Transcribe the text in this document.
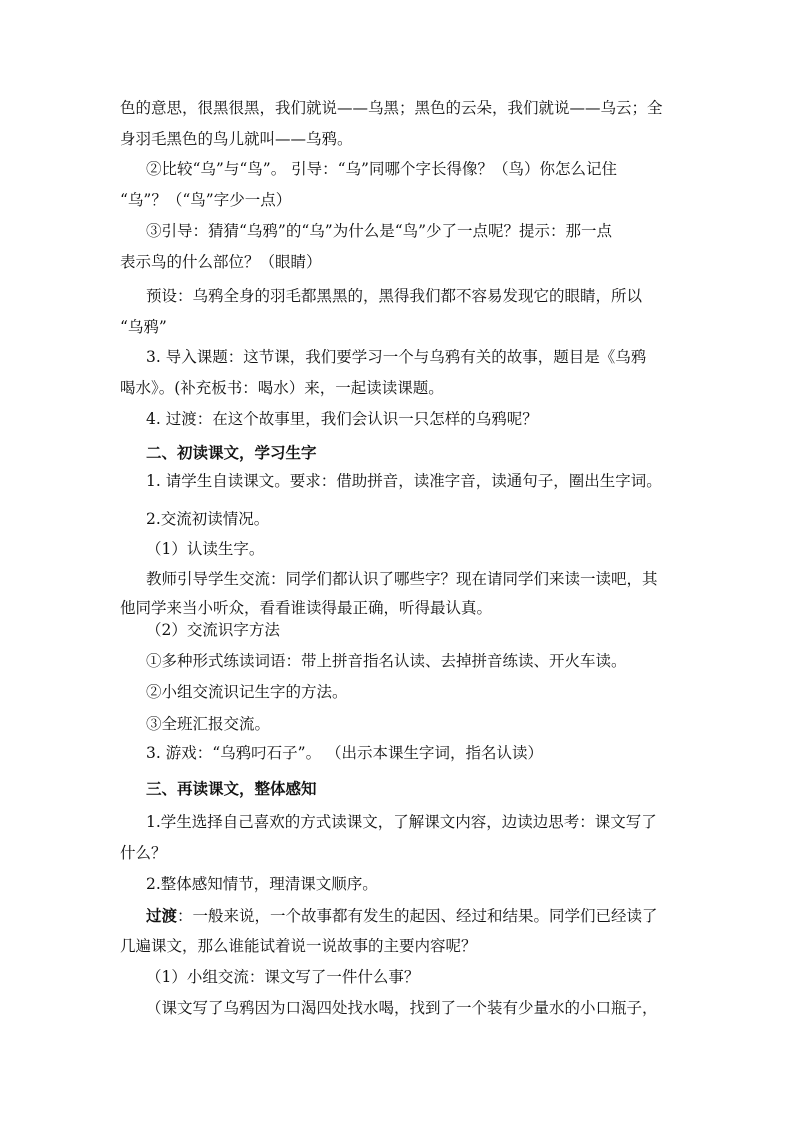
色的意思，很黑很黑，我们就说——乌黑；黑色的云朵，我们就说——乌云；全
身羽毛黑色的鸟儿就叫——乌鸦。
②比较“乌”与“鸟”。 引导：“乌”同哪个字长得像？（鸟）你怎么记住
“乌”？（“鸟”字少一点）
③引导：猜猜“乌鸦”的“乌”为什么是“鸟”少了一点呢？提示：那一点
表示鸟的什么部位？（眼睛）
预设：乌鸦全身的羽毛都黑黑的，黑得我们都不容易发现它的眼睛，所以
“乌鸦”
3. 导入课题：这节课，我们要学习一个与乌鸦有关的故事，题目是《乌鸦
喝水》。(补充板书：喝水）来，一起读读课题。
4. 过渡：在这个故事里，我们会认识一只怎样的乌鸦呢？
二、初读课文，学习生字
1. 请学生自读课文。要求：借助拼音，读准字音，读通句子，圈出生字词。
2.交流初读情况。
（1）认读生字。
教师引导学生交流：同学们都认识了哪些字？现在请同学们来读一读吧，其
他同学来当小听众，看看谁读得最正确，听得最认真。
（2）交流识字方法
①多种形式练读词语：带上拼音指名认读、去掉拼音练读、开火车读。
②小组交流识记生字的方法。
③全班汇报交流。
3. 游戏：“乌鸦叼石子”。 （出示本课生字词，指名认读）
三、再读课文，整体感知
1.学生选择自己喜欢的方式读课文，了解课文内容，边读边思考：课文写了
什么？
2.整体感知情节，理清课文顺序。
过渡：一般来说，一个故事都有发生的起因、经过和结果。同学们已经读了
几遍课文，那么谁能试着说一说故事的主要内容呢？
（1）小组交流：课文写了一件什么事？
（课文写了乌鸦因为口渴四处找水喝，找到了一个装有少量水的小口瓶子，
